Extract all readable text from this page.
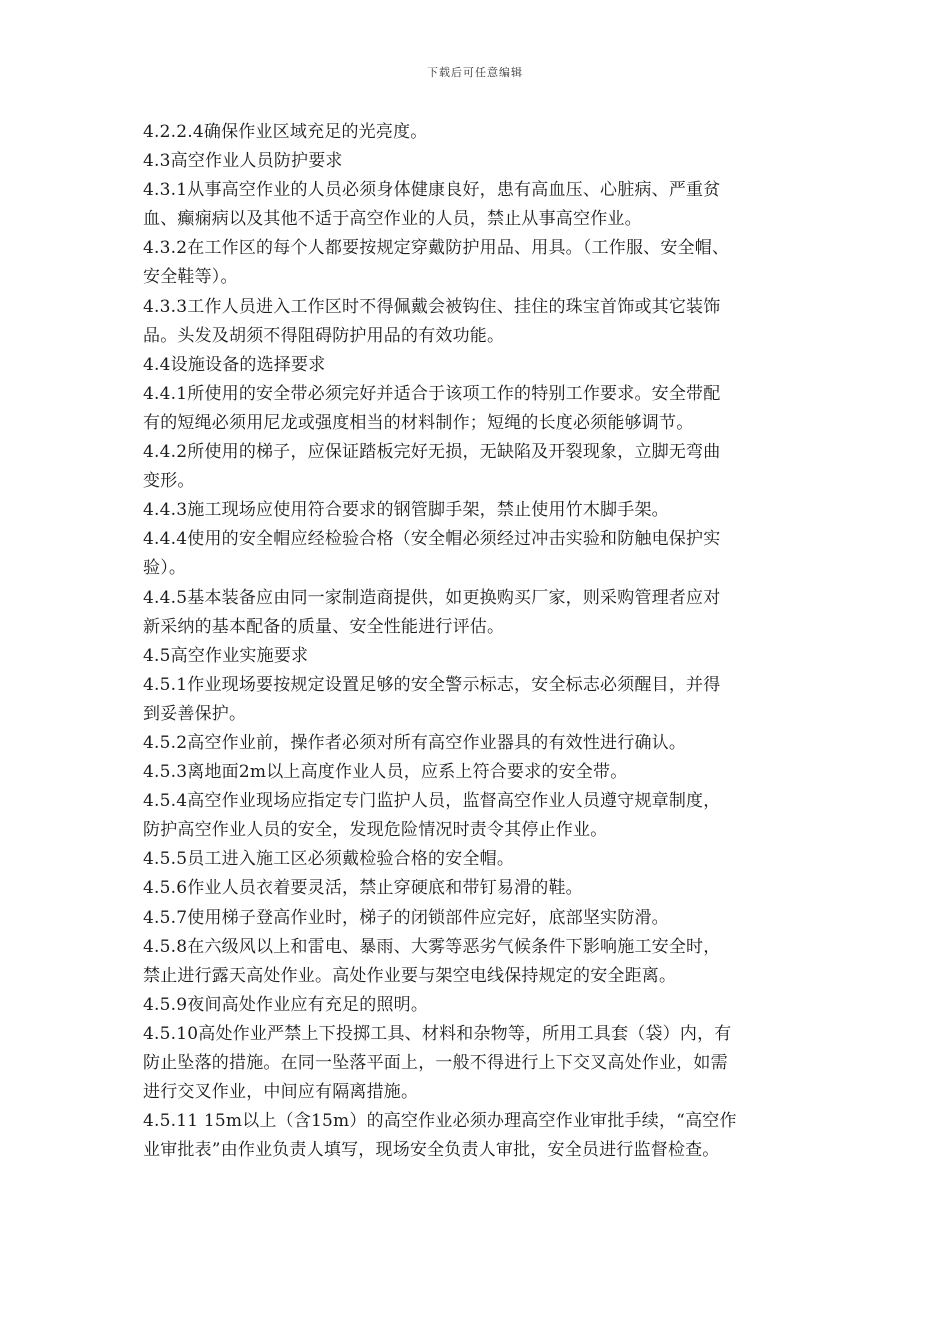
下载后可任意编辑
4.2.2.4确保作业区域充足的光亮度。
4.3高空作业人员防护要求
4.3.1从事高空作业的人员必须身体健康良好，患有高血压、心脏病、严重贫
血、癫痫病以及其他不适于高空作业的人员，禁止从事高空作业。
4.3.2在工作区的每个人都要按规定穿戴防护用品、用具。（工作服、安全帽、
安全鞋等）。
4.3.3工作人员进入工作区时不得佩戴会被钩住、挂住的珠宝首饰或其它装饰
品。头发及胡须不得阻碍防护用品的有效功能。
4.4设施设备的选择要求
4.4.1所使用的安全带必须完好并适合于该项工作的特别工作要求。安全带配
有的短绳必须用尼龙或强度相当的材料制作；短绳的长度必须能够调节。
4.4.2所使用的梯子，应保证踏板完好无损，无缺陷及开裂现象，立脚无弯曲
变形。
4.4.3施工现场应使用符合要求的钢管脚手架，禁止使用竹木脚手架。
4.4.4使用的安全帽应经检验合格（安全帽必须经过冲击实验和防触电保护实
验）。
4.4.5基本装备应由同一家制造商提供，如更换购买厂家，则采购管理者应对
新采纳的基本配备的质量、安全性能进行评估。
4.5高空作业实施要求
4.5.1作业现场要按规定设置足够的安全警示标志，安全标志必须醒目，并得
到妥善保护。
4.5.2高空作业前，操作者必须对所有高空作业器具的有效性进行确认。
4.5.3离地面2m以上高度作业人员，应系上符合要求的安全带。
4.5.4高空作业现场应指定专门监护人员，监督高空作业人员遵守规章制度，
防护高空作业人员的安全，发现危险情况时责令其停止作业。
4.5.5员工进入施工区必须戴检验合格的安全帽。
4.5.6作业人员衣着要灵活，禁止穿硬底和带钉易滑的鞋。
4.5.7使用梯子登高作业时，梯子的闭锁部件应完好，底部坚实防滑。
4.5.8在六级风以上和雷电、暴雨、大雾等恶劣气候条件下影响施工安全时，
禁止进行露天高处作业。高处作业要与架空电线保持规定的安全距离。
4.5.9夜间高处作业应有充足的照明。
4.5.10高处作业严禁上下投掷工具、材料和杂物等，所用工具套（袋）内，有
防止坠落的措施。在同一坠落平面上，一般不得进行上下交叉高处作业，如需
进行交叉作业，中间应有隔离措施。
4.5.11 15m以上（含15m）的高空作业必须办理高空作业审批手续，“高空作
业审批表”由作业负责人填写，现场安全负责人审批，安全员进行监督检查。
